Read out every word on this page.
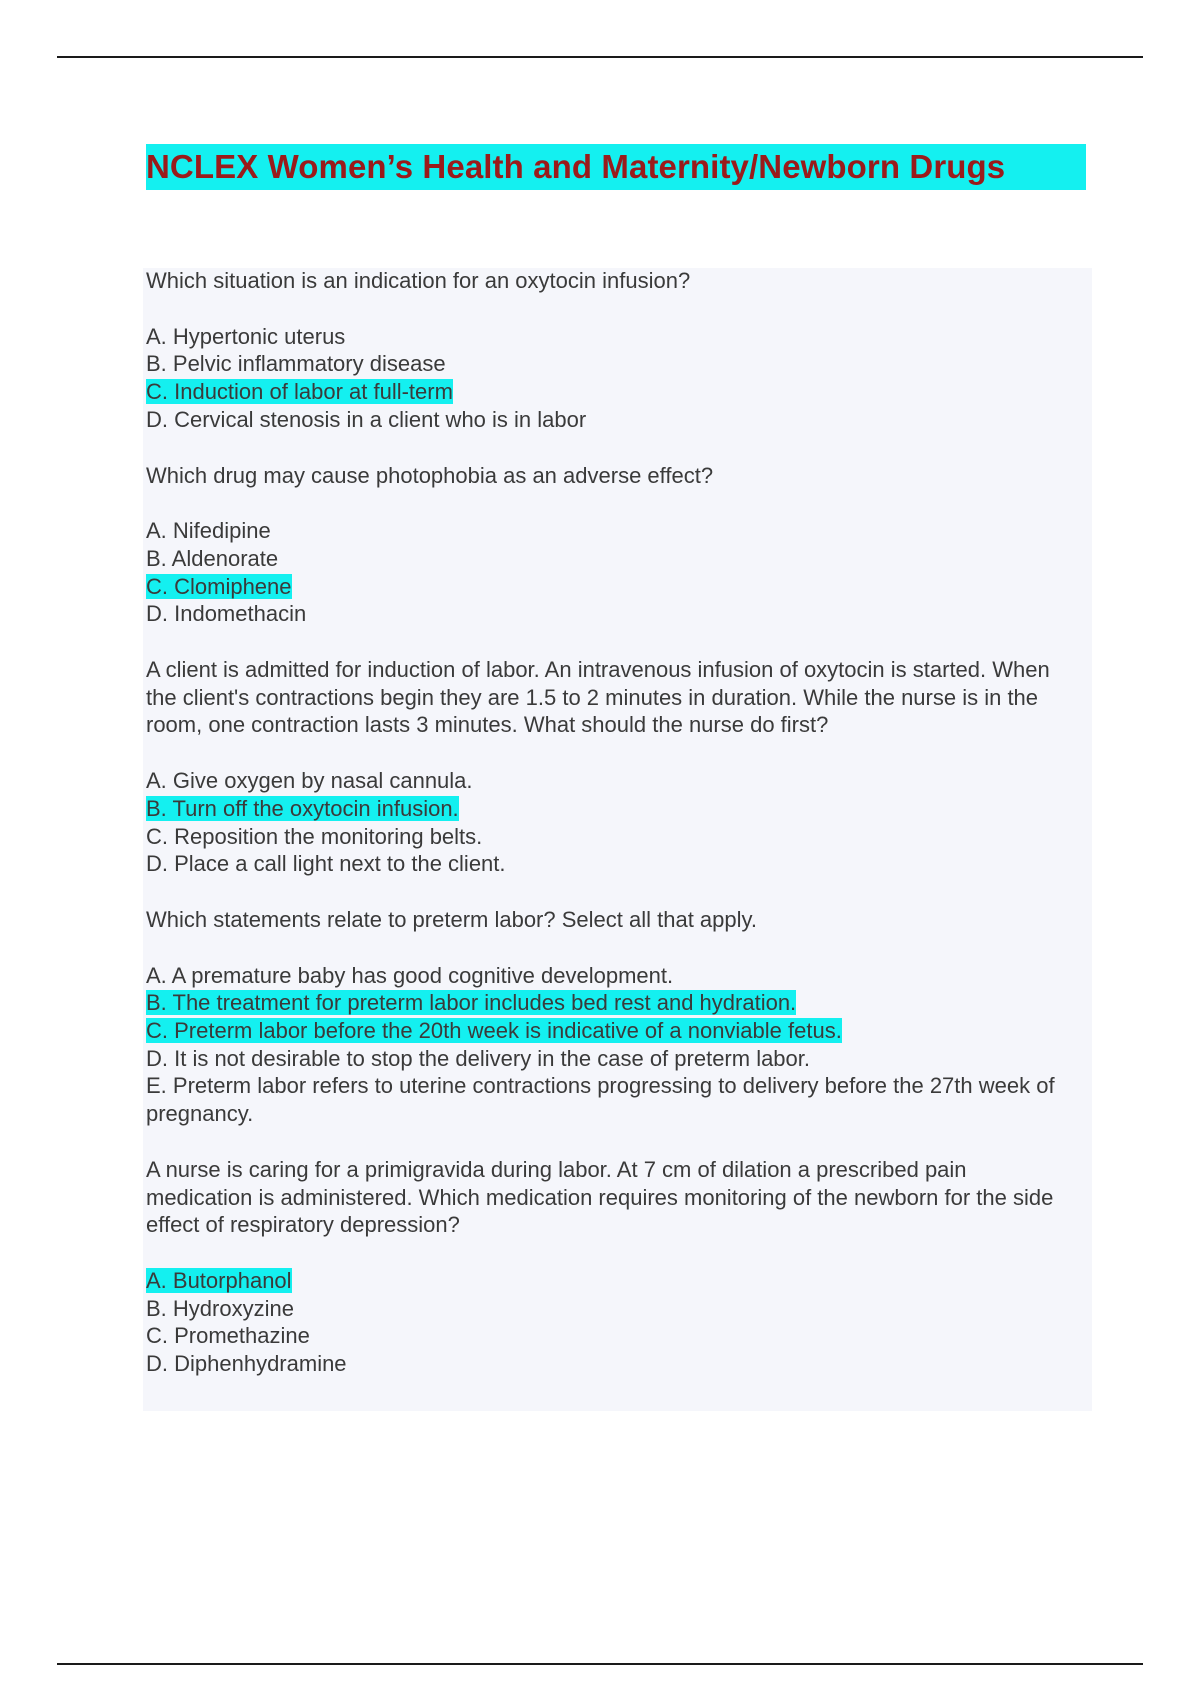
NCLEX Women’s Health and Maternity/Newborn Drugs

Which situation is an indication for an oxytocin infusion?

A. Hypertonic uterus
B. Pelvic inflammatory disease
C. Induction of labor at full-term
D. Cervical stenosis in a client who is in labor

Which drug may cause photophobia as an adverse effect?

A. Nifedipine
B. Aldenorate
C. Clomiphene
D. Indomethacin

A client is admitted for induction of labor. An intravenous infusion of oxytocin is started. When the client's contractions begin they are 1.5 to 2 minutes in duration. While the nurse is in the room, one contraction lasts 3 minutes. What should the nurse do first?

A. Give oxygen by nasal cannula.
B. Turn off the oxytocin infusion.
C. Reposition the monitoring belts.
D. Place a call light next to the client.

Which statements relate to preterm labor? Select all that apply.

A. A premature baby has good cognitive development.
B. The treatment for preterm labor includes bed rest and hydration.
C. Preterm labor before the 20th week is indicative of a nonviable fetus.
D. It is not desirable to stop the delivery in the case of preterm labor.
E. Preterm labor refers to uterine contractions progressing to delivery before the 27th week of pregnancy.

A nurse is caring for a primigravida during labor. At 7 cm of dilation a prescribed pain medication is administered. Which medication requires monitoring of the newborn for the side effect of respiratory depression?

A. Butorphanol
B. Hydroxyzine
C. Promethazine
D. Diphenhydramine
